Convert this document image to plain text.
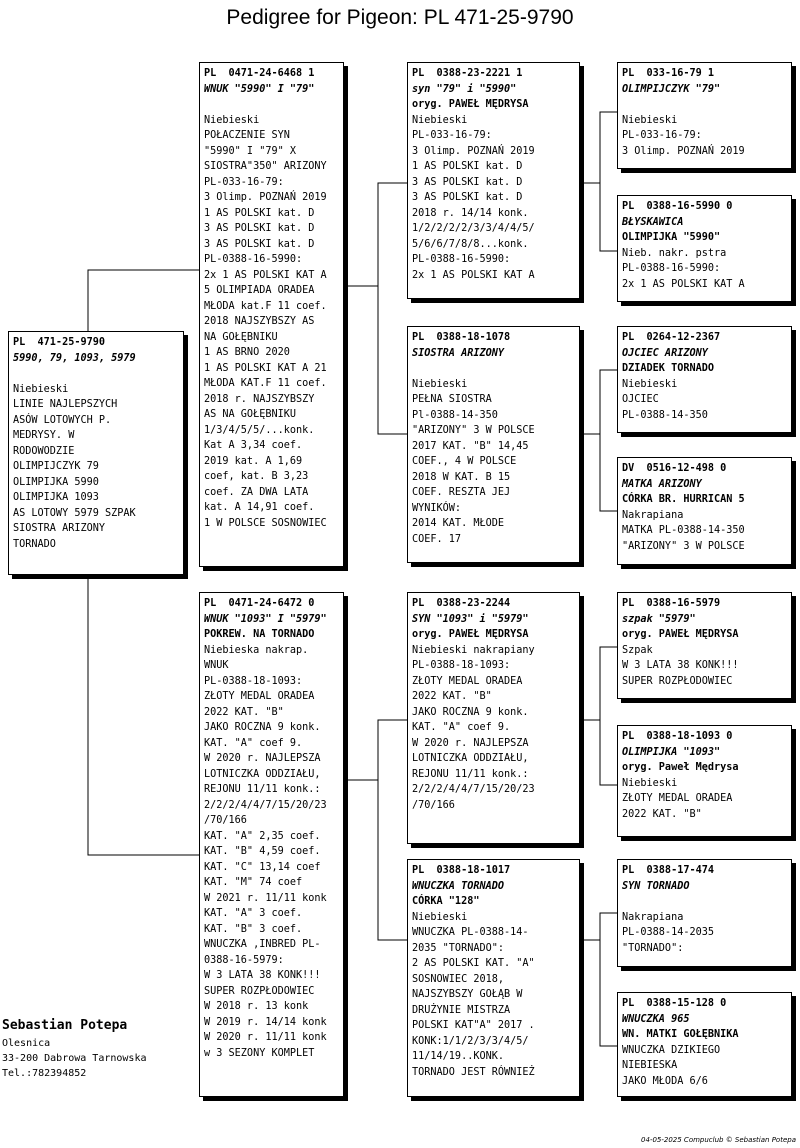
Pedigree for Pigeon: PL 471-25-9790
PL  471-25-9790
5990, 79, 1093, 5979
Niebieski
LINIE NAJLEPSZYCH
ASÓW LOTOWYCH P.
MEDRYSY. W
RODOWODZIE
OLIMPIJCZYK 79
OLIMPIJKA 5990
OLIMPIJKA 1093
AS LOTOWY 5979 SZPAK
SIOSTRA ARIZONY
TORNADO
PL  0471-24-6468 1
WNUK "5990" I "79"
Niebieski
POŁACZENIE SYN
"5990" I "79" X
SIOSTRA"350" ARIZONY
PL-033-16-79:
3 Olimp. POZNAŃ 2019
1 AS POLSKI kat. D
3 AS POLSKI kat. D
3 AS POLSKI kat. D
PL-0388-16-5990:
2x 1 AS POLSKI KAT A
5 OLIMPIADA ORADEA
MŁODA kat.F 11 coef.
2018 NAJSZYBSZY AS
NA GOŁĘBNIKU
1 AS BRNO 2020
1 AS POLSKI KAT A 21
MŁODA KAT.F 11 coef.
2018 r. NAJSZYBSZY
AS NA GOŁĘBNIKU
1/3/4/5/5/...konk.
Kat A 3,34 coef.
2019 kat. A 1,69
coef, kat. B 3,23
coef. ZA DWA LATA
kat. A 14,91 coef.
1 W POLSCE SOSNOWIEC
PL  0471-24-6472 0
WNUK "1093" I "5979"
POKREW. NA TORNADO
Niebieska nakrap.
WNUK
PL-0388-18-1093:
ZŁOTY MEDAL ORADEA
2022 KAT. "B"
JAKO ROCZNA 9 konk.
KAT. "A" coef 9.
W 2020 r. NAJLEPSZA
LOTNICZKA ODDZIAŁU,
REJONU 11/11 konk.:
2/2/2/4/4/7/15/20/23
/70/166
KAT. "A" 2,35 coef.
KAT. "B" 4,59 coef.
KAT. "C" 13,14 coef
KAT. "M" 74 coef
W 2021 r. 11/11 konk
KAT. "A" 3 coef.
KAT. "B" 3 coef.
WNUCZKA ,INBRED PL-
0388-16-5979:
W 3 LATA 38 KONK!!!
SUPER ROZPŁODOWIEC
W 2018 r. 13 konk
W 2019 r. 14/14 konk
W 2020 r. 11/11 konk
w 3 SEZONY KOMPLET
PL  0388-23-2221 1
syn "79" i "5990"
oryg. PAWEŁ MĘDRYSA
Niebieski
PL-033-16-79:
3 Olimp. POZNAŃ 2019
1 AS POLSKI kat. D
3 AS POLSKI kat. D
3 AS POLSKI kat. D
2018 r. 14/14 konk.
1/2/2/2/2/3/3/4/4/5/
5/6/6/7/8/8...konk.
PL-0388-16-5990:
2x 1 AS POLSKI KAT A
PL  0388-18-1078
SIOSTRA ARIZONY
Niebieski
PEŁNA SIOSTRA
Pl-0388-14-350
"ARIZONY" 3 W POLSCE
2017 KAT. "B" 14,45
COEF., 4 W POLSCE
2018 W KAT. B 15
COEF. RESZTA JEJ
WYNIKÓW:
2014 KAT. MŁODE
COEF. 17
PL  0388-23-2244
SYN "1093" i "5979"
oryg. PAWEŁ MĘDRYSA
Niebieski nakrapiany
PL-0388-18-1093:
ZŁOTY MEDAL ORADEA
2022 KAT. "B"
JAKO ROCZNA 9 konk.
KAT. "A" coef 9.
W 2020 r. NAJLEPSZA
LOTNICZKA ODDZIAŁU,
REJONU 11/11 konk.:
2/2/2/4/4/7/15/20/23
/70/166
PL  0388-18-1017
WNUCZKA TORNADO
CÓRKA "128"
Niebieski
WNUCZKA PL-0388-14-
2035 "TORNADO":
2 AS POLSKI KAT. "A"
SOSNOWIEC 2018,
NAJSZYBSZY GOŁĄB W
DRUŻYNIE MISTRZA
POLSKI KAT"A" 2017 .
KONK:1/1/2/3/3/4/5/
11/14/19..KONK.
TORNADO JEST RÓWNIEŻ
PL  033-16-79 1
OLIMPIJCZYK "79"
Niebieski
PL-033-16-79:
3 Olimp. POZNAŃ 2019
PL  0388-16-5990 0
BŁYSKAWICA
OLIMPIJKA "5990"
Nieb. nakr. pstra
PL-0388-16-5990:
2x 1 AS POLSKI KAT A
PL  0264-12-2367
OJCIEC ARIZONY
DZIADEK TORNADO
Niebieski
OJCIEC
PL-0388-14-350
DV  0516-12-498 0
MATKA ARIZONY
CÓRKA BR. HURRICAN 5
Nakrapiana
MATKA PL-0388-14-350
"ARIZONY" 3 W POLSCE
PL  0388-16-5979
szpak "5979"
oryg. PAWEŁ MĘDRYSA
Szpak
W 3 LATA 38 KONK!!!
SUPER ROZPŁODOWIEC
PL  0388-18-1093 0
OLIMPIJKA "1093"
oryg. Paweł Mędrysa
Niebieski
ZŁOTY MEDAL ORADEA
2022 KAT. "B"
PL  0388-17-474
SYN TORNADO
Nakrapiana
PL-0388-14-2035
"TORNADO":
PL  0388-15-128 0
WNUCZKA 965
WN. MATKI GOŁĘBNIKA
WNUCZKA DZIKIEGO
NIEBIESKA
JAKO MŁODA 6/6
Sebastian Potepa
Olesnica
33-200 Dabrowa Tarnowska
Tel.:782394852
04-05-2025 Compuclub © Sebastian Potepa
